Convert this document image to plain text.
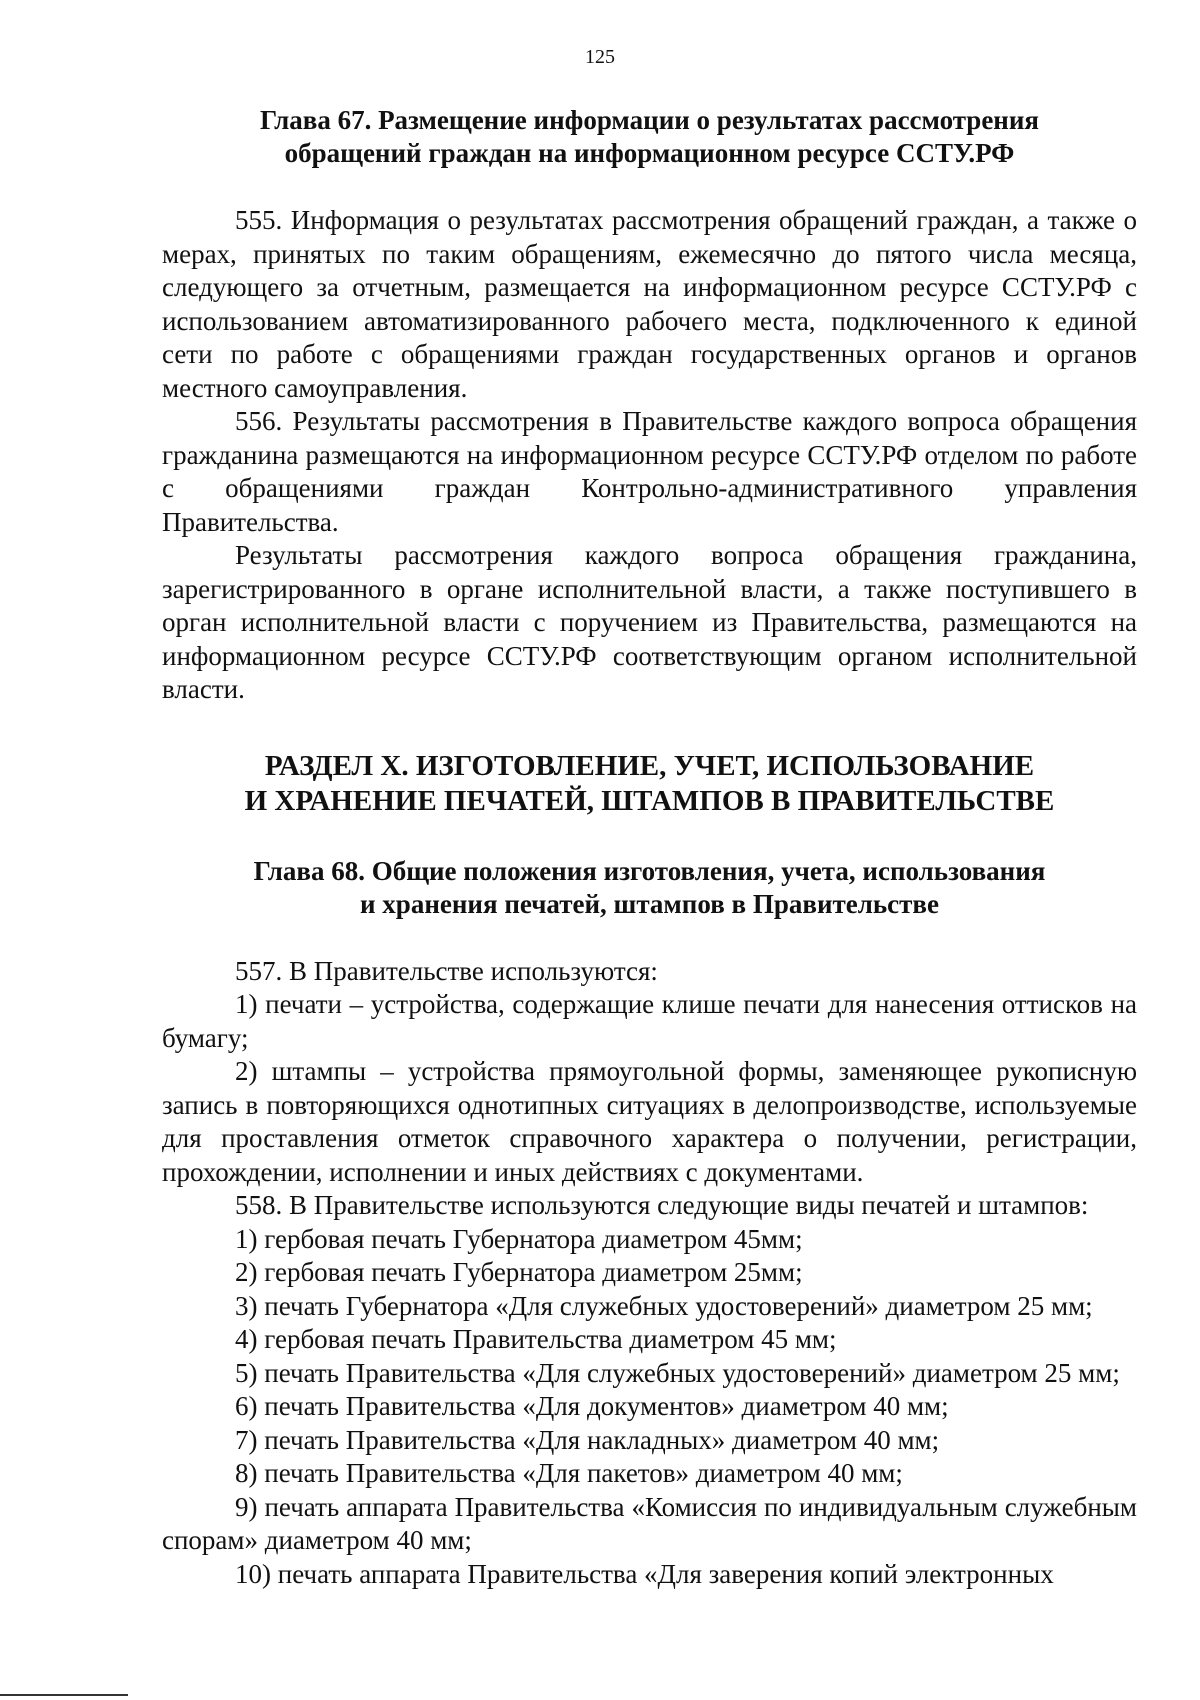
125
Глава 67. Размещение информации о результатах рассмотрения
обращений граждан на информационном ресурсе ССТУ.РФ

555. Информация о результатах рассмотрения обращений граждан, а также о мерах, принятых по таким обращениям, ежемесячно до пятого числа месяца, следующего за отчетным, размещается на информационном ресурсе ССТУ.РФ с использованием автоматизированного рабочего места, подключенного к единой сети по работе с обращениями граждан государственных органов и органов местного самоуправления.

556. Результаты рассмотрения в Правительстве каждого вопроса обращения гражданина размещаются на информационном ресурсе ССТУ.РФ отделом по работе с обращениями граждан Контрольно-административного управления Правительства.

Результаты рассмотрения каждого вопроса обращения гражданина, зарегистрированного в органе исполнительной власти, а также поступившего в орган исполнительной власти с поручением из Правительства, размещаются на информационном ресурсе ССТУ.РФ соответствующим органом исполнительной власти.

РАЗДЕЛ X. ИЗГОТОВЛЕНИЕ, УЧЕТ, ИСПОЛЬЗОВАНИЕ
И ХРАНЕНИЕ ПЕЧАТЕЙ, ШТАМПОВ В ПРАВИТЕЛЬСТВЕ
Глава 68. Общие положения изготовления, учета, использования
и хранения печатей, штампов в Правительстве

557. В Правительстве используются:

1) печати – устройства, содержащие клише печати для нанесения оттисков на бумагу;

2) штампы – устройства прямоугольной формы, заменяющее рукописную запись в повторяющихся однотипных ситуациях в делопроизводстве, используемые для проставления отметок справочного характера о получении, регистрации, прохождении, исполнении и иных действиях с документами.

558. В Правительстве используются следующие виды печатей и штампов:

1) гербовая печать Губернатора диаметром 45мм;

2) гербовая печать Губернатора диаметром 25мм;

3) печать Губернатора «Для служебных удостоверений» диаметром 25 мм;

4) гербовая печать Правительства диаметром 45 мм;

5) печать Правительства «Для служебных удостоверений» диаметром 25 мм;

6) печать Правительства «Для документов» диаметром 40 мм;

7) печать Правительства «Для накладных» диаметром 40 мм;

8) печать Правительства «Для пакетов» диаметром 40 мм;

9) печать аппарата Правительства «Комиссия по индивидуальным служебным спорам» диаметром 40 мм;

10) печать аппарата Правительства «Для заверения копий электронных
